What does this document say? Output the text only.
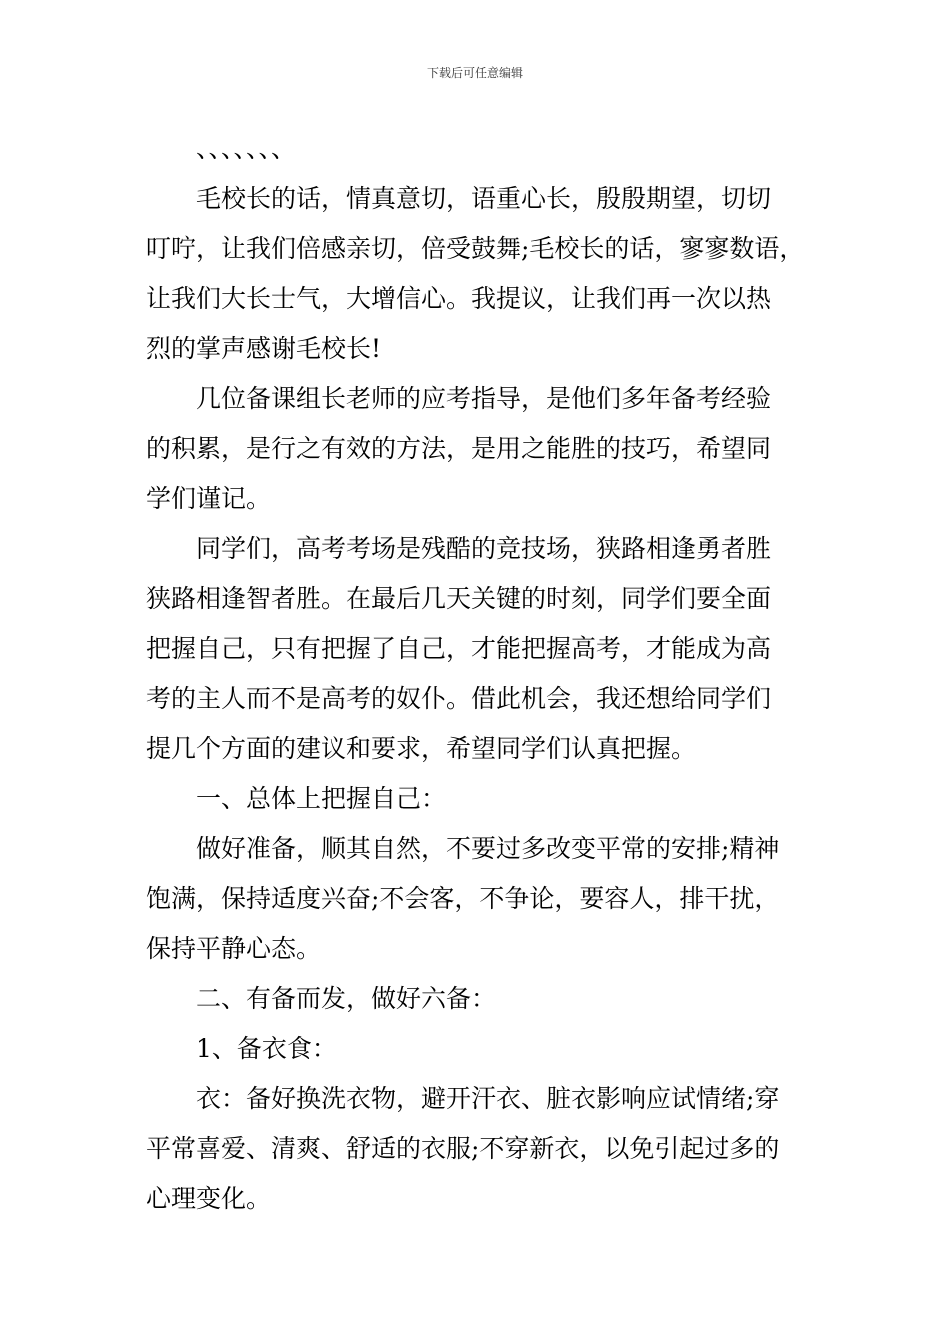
下载后可任意编辑
、、、、、、、
毛校长的话，情真意切，语重心长，殷殷期望，切切
叮咛，让我们倍感亲切，倍受鼓舞;毛校长的话，寥寥数语，
让我们大长士气，大增信心。我提议，让我们再一次以热
烈的掌声感谢毛校长!
几位备课组长老师的应考指导，是他们多年备考经验
的积累，是行之有效的方法，是用之能胜的技巧，希望同
学们谨记。
同学们，高考考场是残酷的竞技场，狭路相逢勇者胜
狭路相逢智者胜。在最后几天关键的时刻，同学们要全面
把握自己，只有把握了自己，才能把握高考，才能成为高
考的主人而不是高考的奴仆。借此机会，我还想给同学们
提几个方面的建议和要求，希望同学们认真把握。
一、总体上把握自己：
做好准备，顺其自然，不要过多改变平常的安排;精神
饱满，保持适度兴奋;不会客，不争论，要容人，排干扰，
保持平静心态。
二、有备而发，做好六备：
1、备衣食：
衣：备好换洗衣物，避开汗衣、脏衣影响应试情绪;穿
平常喜爱、清爽、舒适的衣服;不穿新衣，以免引起过多的
心理变化。
